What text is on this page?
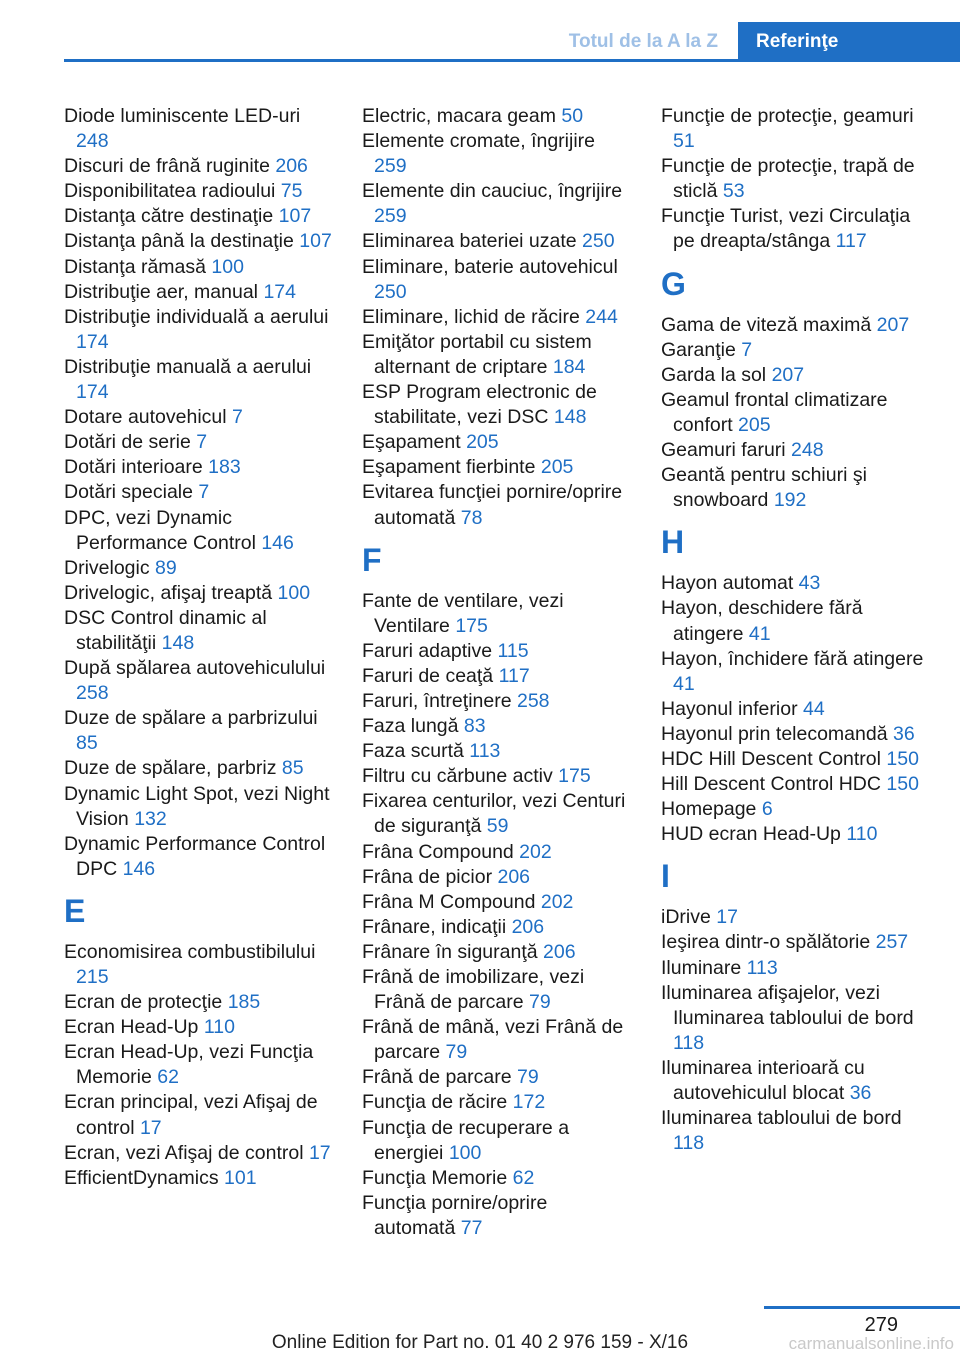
Totul de la A la Z	Referinţe
Diode luminiscente LED-uri 248
Discuri de frână ruginite 206
Disponibilitatea radioului 75
Distanţa către destinaţie 107
Distanţa până la destinaţie 107
Distanţa rămasă 100
Distribuţie aer, manual 174
Distribuţie individuală a aerului 174
Distribuţie manuală a aerului 174
Dotare autovehicul 7
Dotări de serie 7
Dotări interioare 183
Dotări speciale 7
DPC, vezi Dynamic Performance Control 146
Drivelogic 89
Drivelogic, afişaj treaptă 100
DSC Control dinamic al stabilităţii 148
După spălarea autovehiculului 258
Duze de spălare a parbrizului 85
Duze de spălare, parbriz 85
Dynamic Light Spot, vezi Night Vision 132
Dynamic Performance Control DPC 146
E
Economisirea combustibilului 215
Ecran de protecţie 185
Ecran Head-Up 110
Ecran Head-Up, vezi Funcţia Memorie 62
Ecran principal, vezi Afişaj de control 17
Ecran, vezi Afişaj de control 17
EfficientDynamics 101
Electric, macara geam 50
Elemente cromate, îngrijire 259
Elemente din cauciuc, îngrijire 259
Eliminarea bateriei uzate 250
Eliminare, baterie autovehicul 250
Eliminare, lichid de răcire 244
Emiţător portabil cu sistem alternant de criptare 184
ESP Program electronic de stabilitate, vezi DSC 148
Eşapament 205
Eşapament fierbinte 205
Evitarea funcţiei pornire/oprire automată 78
F
Fante de ventilare, vezi Ventilare 175
Faruri adaptive 115
Faruri de ceaţă 117
Faruri, întreţinere 258
Faza lungă 83
Faza scurtă 113
Filtru cu cărbune activ 175
Fixarea centurilor, vezi Centuri de siguranţă 59
Frâna Compound 202
Frâna de picior 206
Frâna M Compound 202
Frânare, indicaţii 206
Frânare în siguranţă 206
Frână de imobilizare, vezi Frână de parcare 79
Frână de mână, vezi Frână de parcare 79
Frână de parcare 79
Funcţia de răcire 172
Funcţia de recuperare a energiei 100
Funcţia Memorie 62
Funcţia pornire/oprire automată 77
Funcţie de protecţie, geamuri 51
Funcţie de protecţie, trapă de sticlă 53
Funcţie Turist, vezi Circulaţia pe dreapta/stânga 117
G
Gama de viteză maximă 207
Garanţie 7
Garda la sol 207
Geamul frontal climatizare confort 205
Geamuri faruri 248
Geantă pentru schiuri şi snowboard 192
H
Hayon automat 43
Hayon, deschidere fără atingere 41
Hayon, închidere fără atingere 41
Hayonul inferior 44
Hayonul prin telecomandă 36
HDC Hill Descent Control 150
Hill Descent Control HDC 150
Homepage 6
HUD ecran Head-Up 110
I
iDrive 17
Ieşirea dintr-o spălătorie 257
Iluminare 113
Iluminarea afişajelor, vezi Iluminarea tabloului de bord 118
Iluminarea interioară cu autovehiculul blocat 36
Iluminarea tabloului de bord 118
279
Online Edition for Part no. 01 40 2 976 159 - X/16	carmanualsonline.info
